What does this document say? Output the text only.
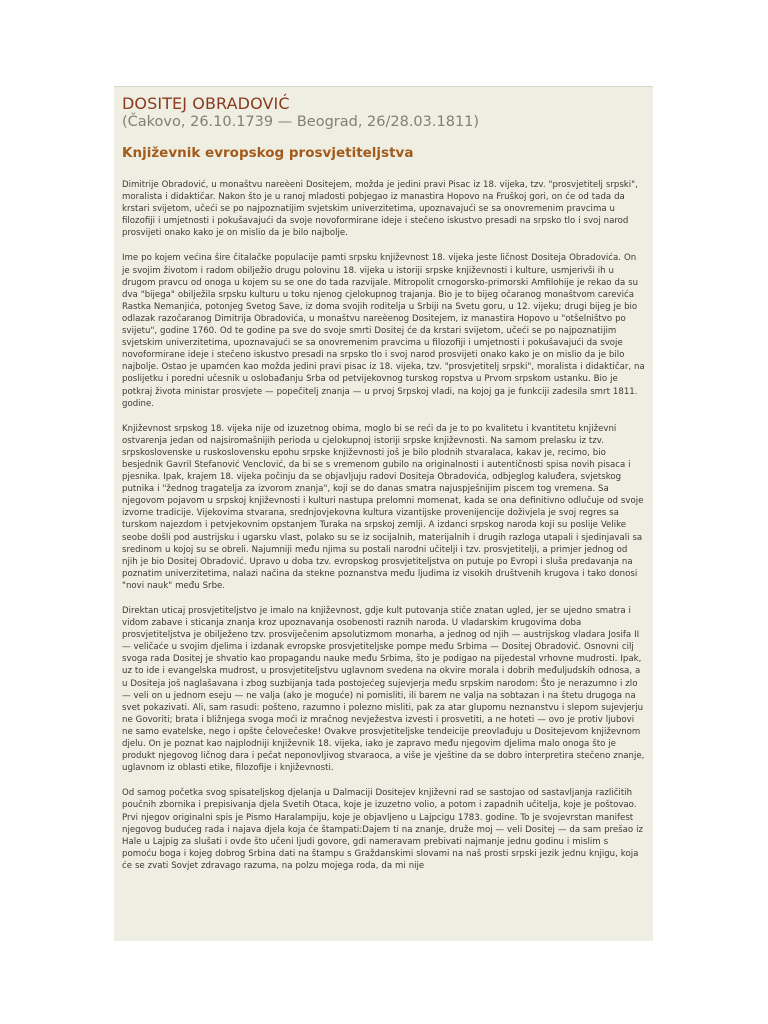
DOSITEJ OBRADOVIĆ

(Čakovo, 26.10.1739 — Beograd, 26/28.03.1811)

Književnik evropskog prosvjetiteljstva

Dimitrije Obradović, u monaštvu nareèeni Dositejem, možda je jedini pravi Pisac iz 18. vijeka, tzv. "prosvjetitelj srpski", moralista i didaktičar. Nakon što je u ranoj mladosti pobjegao iz manastira Hopovo na Fruškoj gori, on će od tada da krstari svijetom, učeći se po najpoznatijim svjetskim univerzitetima, upoznavajući se sa onovremenim pravcima u filozofiji i umjetnosti i pokušavajući da svoje novoformirane ideje i stečeno iskustvo presadi na srpsko tlo i svoj narod prosvijeti onako kako je on mislio da je bilo najbolje.

Ime po kojem većina šire čitalačke populacije pamti srpsku književnost 18. vijeka jeste ličnost Dositeja Obradovića. On je svojim životom i radom obilježio drugu polovinu 18. vijeka u istoriji srpske književnosti i kulture, usmjerivši ih u drugom pravcu od onoga u kojem su se one do tada razvijale. Mitropolit crnogorsko-primorski Amfilohije je rekao da su dva "bijega" obilježila srpsku kulturu u toku njenog cjelokupnog trajanja. Bio je to bijeg očaranog monaštvom carevića Rastka Nemanjića, potonjeg Svetog Save, iz doma svojih roditelja u Srbiji na Svetu goru, u 12. vijeku; drugi bijeg je bio odlazak razočaranog Dimitrija Obradovića, u monaštvu nareèenog Dositejem, iz manastira Hopovo u "otšelništvo po svijetu", godine 1760. Od te godine pa sve do svoje smrti Dositej će da krstari svijetom, učeći se po najpoznatijim svjetskim univerzitetima, upoznavajući se sa onovremenim pravcima u filozofiji i umjetnosti i pokušavajući da svoje novoformirane ideje i stečeno iskustvo presadi na srpsko tlo i svoj narod prosvijeti onako kako je on mislio da je bilo najbolje. Ostao je upamćen kao možda jedini pravi pisac iz 18. vijeka, tzv. "prosvjetitelj srpski", moralista i didaktičar, na poslijetku i poredni učesnik u oslobađanju Srba od petvijekovnog turskog ropstva u Prvom srpskom ustanku. Bio je potkraj života ministar prosvjete — popečitelj znanja — u prvoj Srpskoj vladi, na kojoj ga je funkciji zadesila smrt 1811. godine.

Književnost srpskog 18. vijeka nije od izuzetnog obima, moglo bi se reći da je to po kvalitetu i kvantitetu književni ostvarenja jedan od najsiromašnijih perioda u cjelokupnoj istoriji srpske književnosti. Na samom prelasku iz tzv. srpskoslovenske u ruskoslovensku epohu srpske književnosti još je bilo plodnih stvaralaca, kakav je, recimo, bio besjednik Gavril Stefanović Venclović, da bi se s vremenom gubilo na originalnosti i autentičnosti spisa novih pisaca i pjesnika. Ipak, krajem 18. vijeka počinju da se objavljuju radovi Dositeja Obradovića, odbjeglog kaluđera, svjetskog putnika i "žednog tragatelja za izvorom znanja", koji se do danas smatra najuspješnijim piscem tog vremena. Sa njegovom pojavom u srpskoj književnosti i kulturi nastupa prelomni momenat, kada se ona definitivno odlučuje od svoje izvorne tradicije. Vijekovima stvarana, srednjovjekovna kultura vizantijske provenijencije doživjela je svoj regres sa turskom najezdom i petvjekovnim opstanjem Turaka na srpskoj zemlji. A izdanci srpskog naroda koji su poslije Velike seobe došli pod austrijsku i ugarsku vlast, polako su se iz socijalnih, materijalnih i drugih razloga utapali i sjedinjavali sa sredinom u kojoj su se obreli. Najumniji među njima su postali narodni učitelji i tzv. prosvjetitelji, a primjer jednog od njih je bio Dositej Obradović. Upravo u doba tzv. evropskog prosvjetiteljstva on putuje po Evropi i sluša predavanja na poznatim univerzitetima, nalazi načina da stekne poznanstva među ljudima iz visokih društvenih krugova i tako donosi "novi nauk" među Srbe.

Direktan uticaj prosvjetiteljstvo je imalo na književnost, gdje kult putovanja stiče znatan ugled, jer se ujedno smatra i vidom zabave i sticanja znanja kroz upoznavanja osobenosti raznih naroda. U vladarskim krugovima doba prosvjetiteljstva je obilježeno tzv. prosviječenim apsolutizmom monarha, a jednog od njih — austrijskog vladara Josifa II — veličaće u svojim djelima i izdanak evropske prosvjetiteljske pompe među Srbima — Dositej Obradović. Osnovni cilj svoga rada Dositej je shvatio kao propagandu nauke među Srbima, što je podigao na pijedestal vrhovne mudrosti. Ipak, uz to ide i evangelska mudrost, u prosvjetiteljstvu uglavnom svedena na okvire morala i dobrih međuljudskih odnosa, a u Dositeja još naglašavana i zbog suzbijanja tada postojećeg sujevjerja među srpskim narodom: Što je nerazumno i zlo — veli on u jednom eseju — ne valja (ako je moguće) ni pomisliti, ili barem ne valja na sobtazan i na štetu drugoga na svet pokazivati. Ali, sam rasudi: pošteno, razumno i polezno misliti, pak za atar glupomu neznanstvu i slepom sujevjerju ne Govoriti; brata i bližnjega svoga moći iz mračnog nevježestva izvesti i prosvetiti, a ne hoteti — ovo je protiv ljubovi ne samo evatelske, nego i opšte čelovečeske! Ovakve prosvjetiteljske tendeicije preovlađuju u Dositejevom književnom djelu. On je poznat kao najplodniji književnik 18. vijeka, iako je zapravo među njegovim djelima malo onoga što je produkt njegovog ličnog dara i pečat neponovljivog stvaraoca, a više je vještine da se dobro interpretira stečeno znanje, uglavnom iz oblasti etike, filozofije i književnosti.

Od samog početka svog spisateljskog djelanja u Dalmaciji Dositejev književni rad se sastojao od sastavljanja različitih poučnih zbornika i prepisivanja djela Svetih Otaca, koje je izuzetno volio, a potom i zapadnih učitelja, koje je poštovao. Prvi njegov originalni spis je Pismo Haralampiju, koje je objavljeno u Lajpcigu 1783. godine. To je svojevrstan manifest njegovog budućeg rada i najava djela koja će štampati:Dajem ti na znanje, druže moj — veli Dositej — da sam prešao iz Hale u Lajpig za slušati i ovde što učeni ljudi govore, gdi nameravam prebivati najmanje jednu godinu i mislim s pomoću boga i kojeg dobrog Srbina dati na štampu s Graždanskimi slovami na naš prosti srpski jezik jednu knjigu, koja će se zvati Sovjet zdravago razuma, na polzu mojega roda, da mi nije
